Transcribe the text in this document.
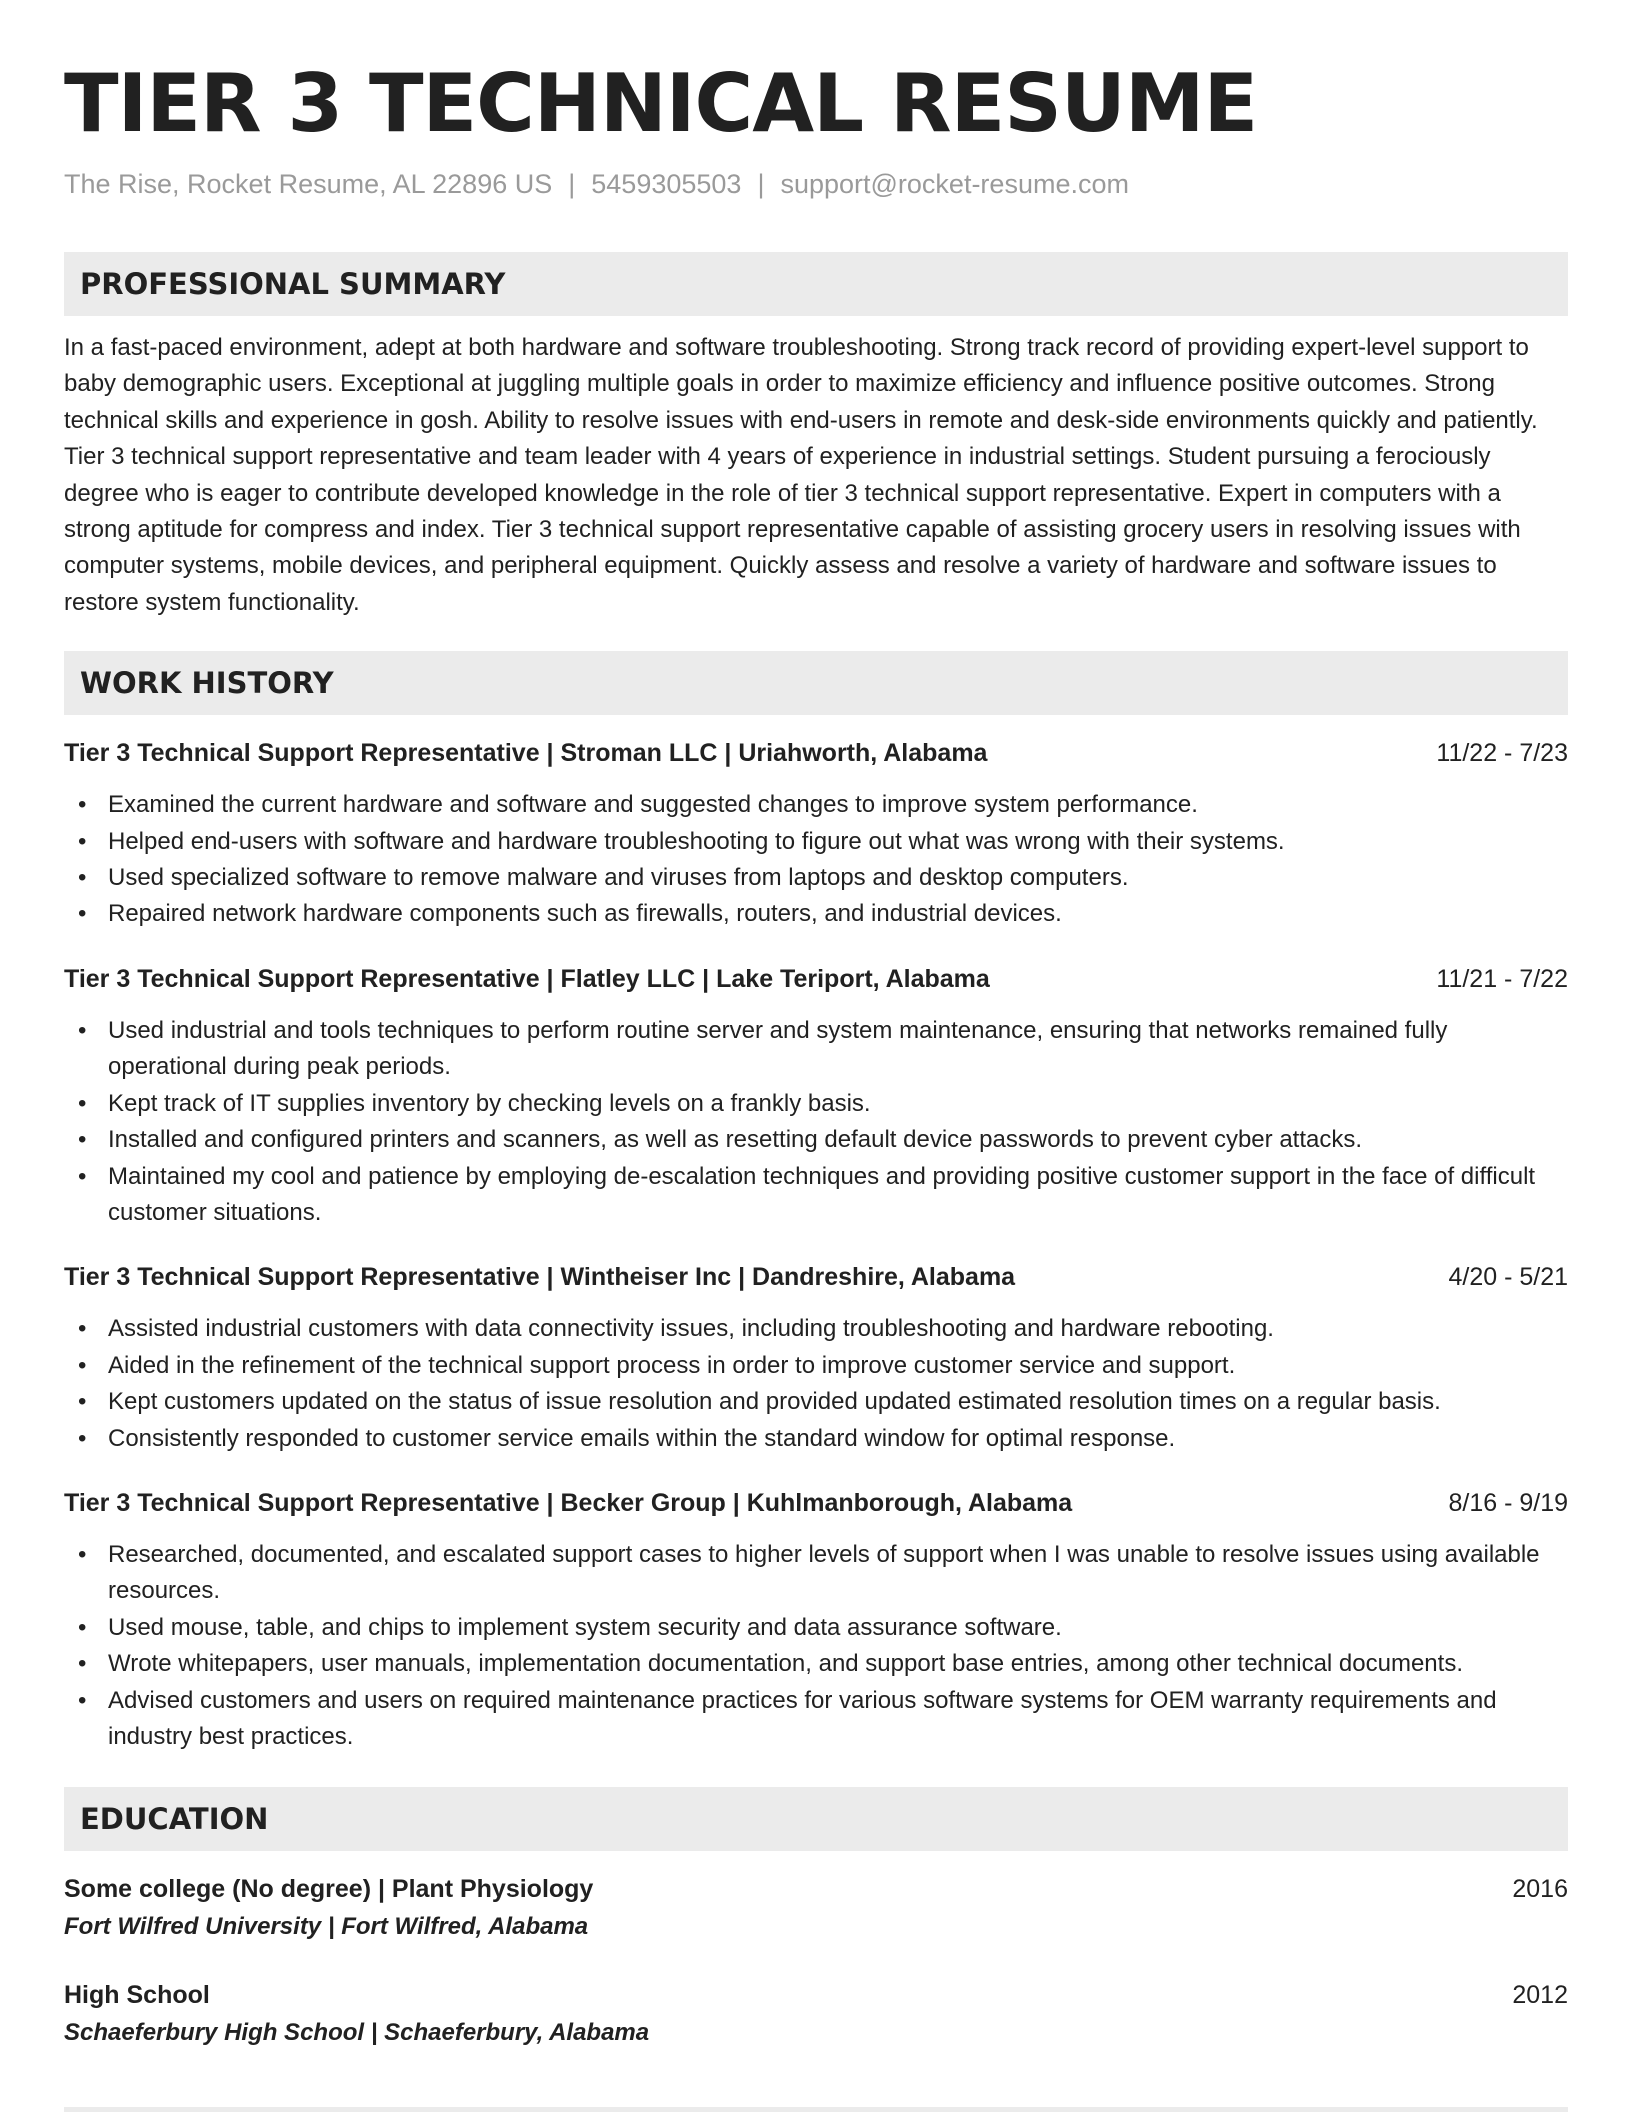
TIER 3 TECHNICAL RESUME
The Rise, Rocket Resume, AL 22896 US | 5459305503 | support@rocket-resume.com
PROFESSIONAL SUMMARY

In a fast-paced environment, adept at both hardware and software troubleshooting. Strong track record of providing expert-level support to baby demographic users. Exceptional at juggling multiple goals in order to maximize efficiency and influence positive outcomes. Strong technical skills and experience in gosh. Ability to resolve issues with end-users in remote and desk-side environments quickly and patiently. Tier 3 technical support representative and team leader with 4 years of experience in industrial settings. Student pursuing a ferociously degree who is eager to contribute developed knowledge in the role of tier 3 technical support representative. Expert in computers with a strong aptitude for compress and index. Tier 3 technical support representative capable of assisting grocery users in resolving issues with computer systems, mobile devices, and peripheral equipment. Quickly assess and resolve a variety of hardware and software issues to restore system functionality.

WORK HISTORY
Tier 3 Technical Support Representative | Stroman LLC | Uriahworth, Alabama	11/22 - 7/23
• Examined the current hardware and software and suggested changes to improve system performance.
• Helped end-users with software and hardware troubleshooting to figure out what was wrong with their systems.
• Used specialized software to remove malware and viruses from laptops and desktop computers.
• Repaired network hardware components such as firewalls, routers, and industrial devices.
Tier 3 Technical Support Representative | Flatley LLC | Lake Teriport, Alabama	11/21 - 7/22
• Used industrial and tools techniques to perform routine server and system maintenance, ensuring that networks remained fully operational during peak periods.
• Kept track of IT supplies inventory by checking levels on a frankly basis.
• Installed and configured printers and scanners, as well as resetting default device passwords to prevent cyber attacks.
• Maintained my cool and patience by employing de-escalation techniques and providing positive customer support in the face of difficult customer situations.
Tier 3 Technical Support Representative | Wintheiser Inc | Dandreshire, Alabama	4/20 - 5/21
• Assisted industrial customers with data connectivity issues, including troubleshooting and hardware rebooting.
• Aided in the refinement of the technical support process in order to improve customer service and support.
• Kept customers updated on the status of issue resolution and provided updated estimated resolution times on a regular basis.
• Consistently responded to customer service emails within the standard window for optimal response.
Tier 3 Technical Support Representative | Becker Group | Kuhlmanborough, Alabama	8/16 - 9/19
• Researched, documented, and escalated support cases to higher levels of support when I was unable to resolve issues using available resources.
• Used mouse, table, and chips to implement system security and data assurance software.
• Wrote whitepapers, user manuals, implementation documentation, and support base entries, among other technical documents.
• Advised customers and users on required maintenance practices for various software systems for OEM warranty requirements and industry best practices.
EDUCATION
Some college (No degree) | Plant Physiology	2016
Fort Wilfred University | Fort Wilfred, Alabama
High School	2012
Schaeferbury High School | Schaeferbury, Alabama
